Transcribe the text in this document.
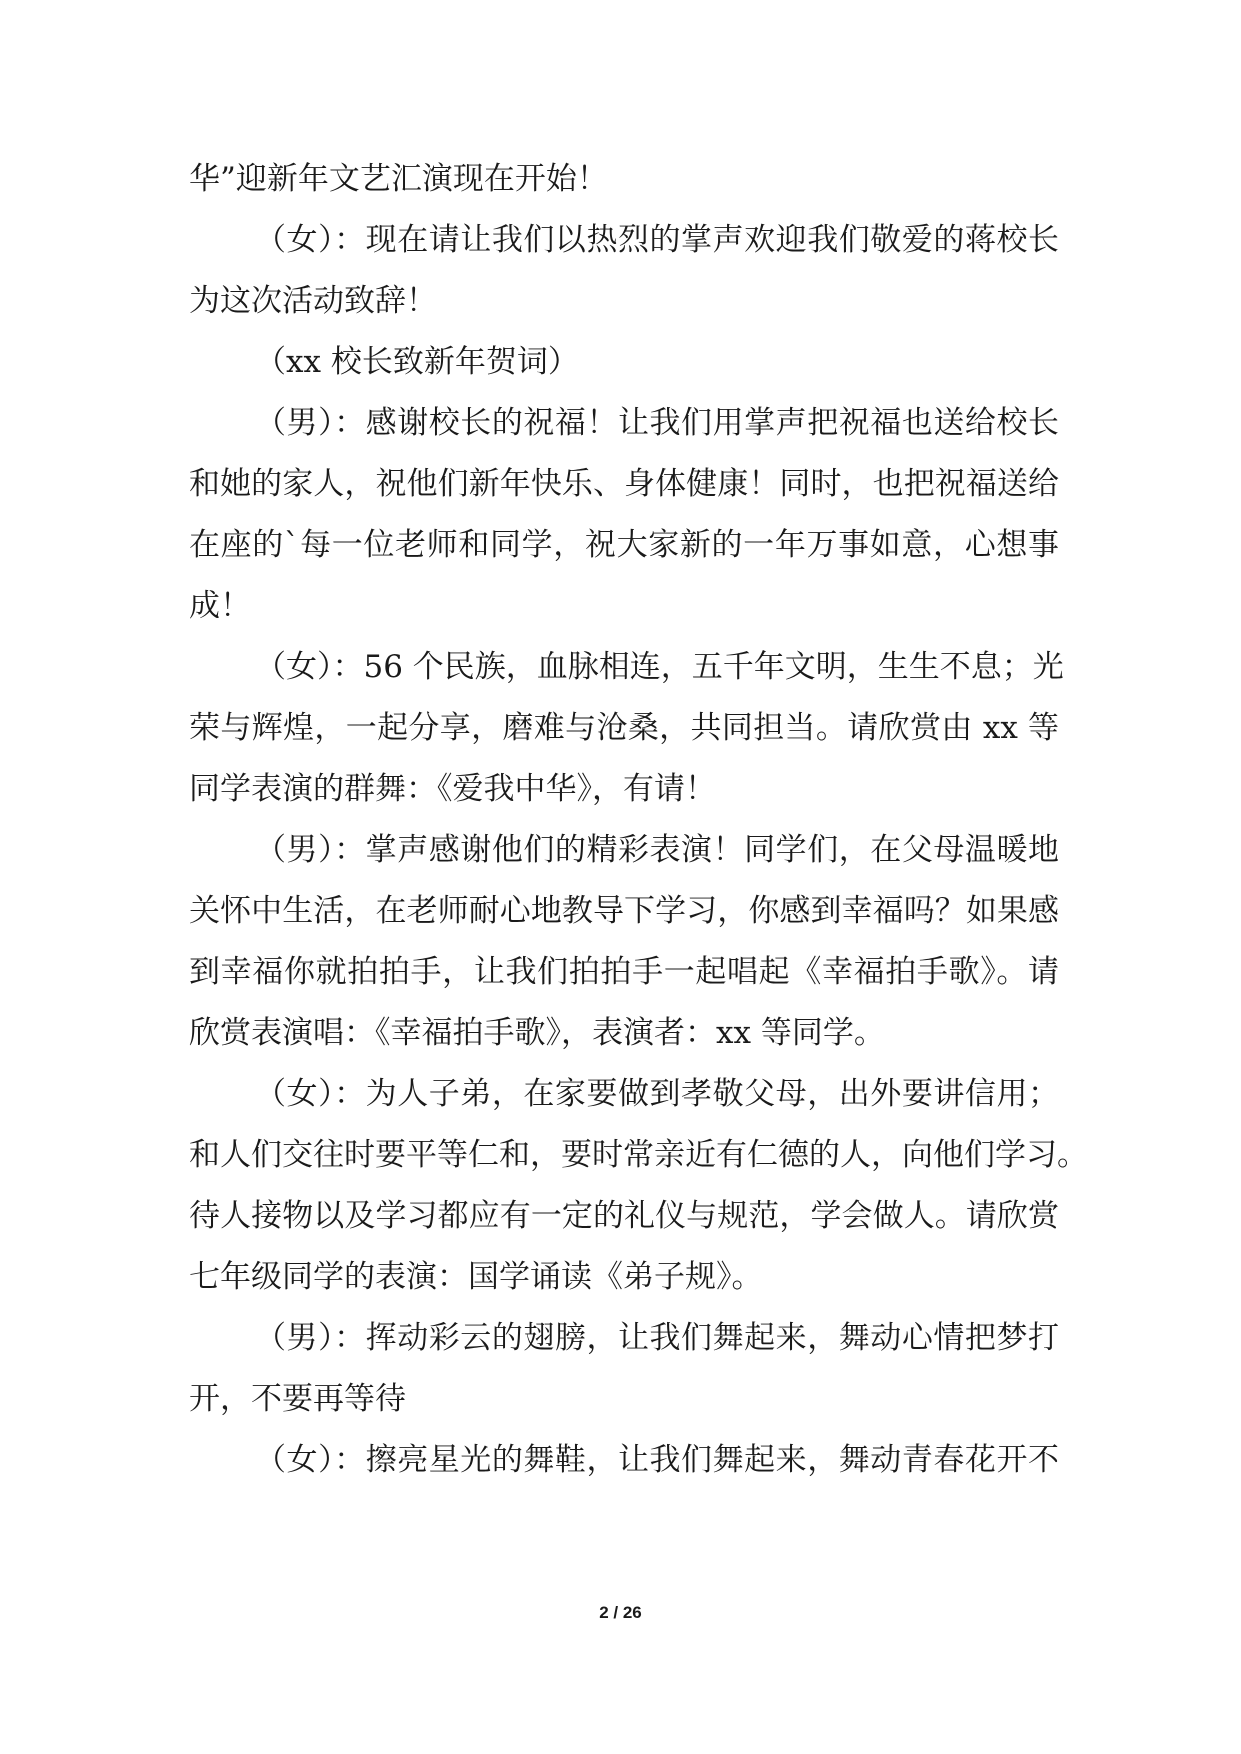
华”迎新年文艺汇演现在开始！
（女）：现在请让我们以热烈的掌声欢迎我们敬爱的蒋校长
为这次活动致辞！
（xx 校长致新年贺词）
（男）：感谢校长的祝福！让我们用掌声把祝福也送给校长
和她的家人，祝他们新年快乐、身体健康！同时，也把祝福送给
在座的`每一位老师和同学，祝大家新的一年万事如意，心想事
成！
（女）：56 个民族，血脉相连，五千年文明，生生不息；光
荣与辉煌，一起分享，磨难与沧桑，共同担当。请欣赏由 xx 等
同学表演的群舞：《爱我中华》，有请！
（男）：掌声感谢他们的精彩表演！同学们，在父母温暖地
关怀中生活，在老师耐心地教导下学习，你感到幸福吗？如果感
到幸福你就拍拍手，让我们拍拍手一起唱起《幸福拍手歌》。请
欣赏表演唱：《幸福拍手歌》，表演者：xx 等同学。
（女）：为人子弟，在家要做到孝敬父母，出外要讲信用；
和人们交往时要平等仁和，要时常亲近有仁德的人，向他们学习。
待人接物以及学习都应有一定的礼仪与规范，学会做人。请欣赏
七年级同学的表演：国学诵读《弟子规》。
（男）：挥动彩云的翅膀，让我们舞起来，舞动心情把梦打
开，不要再等待
（女）：擦亮星光的舞鞋，让我们舞起来，舞动青春花开不
2 / 26
